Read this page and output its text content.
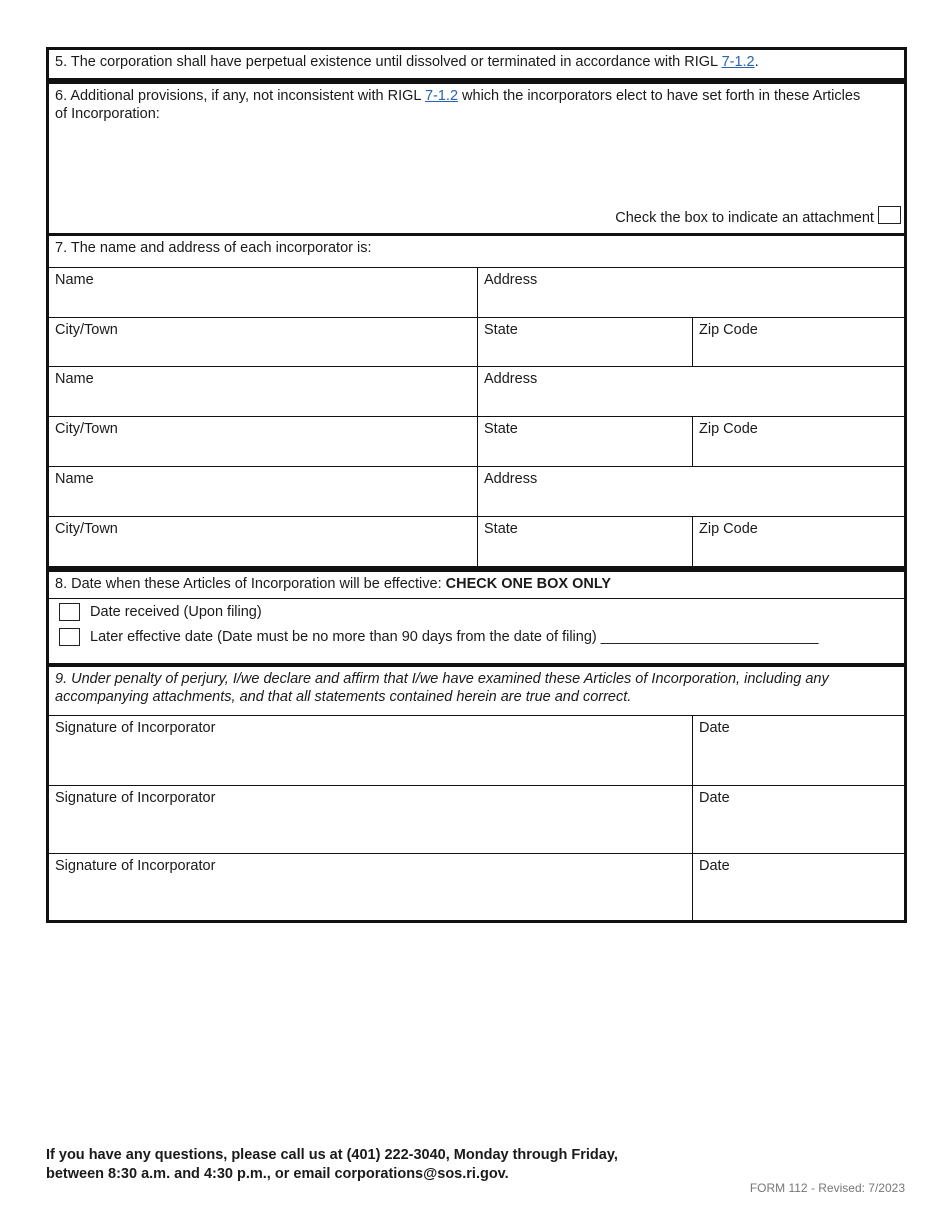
5. The corporation shall have perpetual existence until dissolved or terminated in accordance with RIGL 7-1.2.
6. Additional provisions, if any, not inconsistent with RIGL 7-1.2 which the incorporators elect to have set forth in these Articles of Incorporation:
Check the box to indicate an attachment
7. The name and address of each incorporator is:
Name	Address
City/Town	State	Zip Code
Name	Address
City/Town	State	Zip Code
Name	Address
City/Town	State	Zip Code
8. Date when these Articles of Incorporation will be effective: CHECK ONE BOX ONLY
Date received (Upon filing)
Later effective date (Date must be no more than 90 days from the date of filing) ___________________________
9. Under penalty of perjury, I/we declare and affirm that I/we have examined these Articles of Incorporation, including any accompanying attachments, and that all statements contained herein are true and correct.
Signature of Incorporator	Date
Signature of Incorporator	Date
Signature of Incorporator	Date
If you have any questions, please call us at (401) 222-3040, Monday through Friday,
between 8:30 a.m. and 4:30 p.m., or email corporations@sos.ri.gov.
FORM 112 - Revised: 7/2023
